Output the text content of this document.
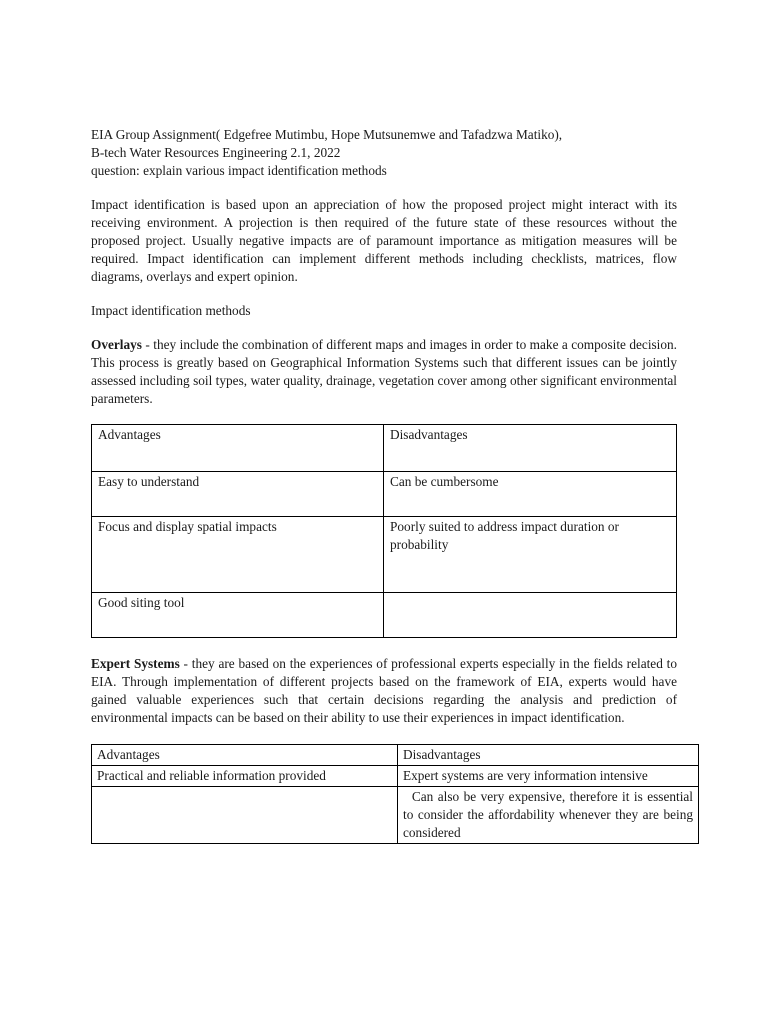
EIA Group Assignment( Edgefree Mutimbu, Hope Mutsunemwe and Tafadzwa Matiko),
B-tech Water Resources Engineering 2.1, 2022
question: explain various impact identification methods

Impact identification is based upon an appreciation of how the proposed project might interact with its receiving environment. A projection is then required of the future state of these resources without the proposed project. Usually negative impacts are of paramount importance as mitigation measures will be required. Impact identification can implement different methods including checklists, matrices, flow diagrams, overlays and expert opinion.

Impact identification methods

Overlays - they include the combination of different maps and images in order to make a composite decision. This process is greatly based on Geographical Information Systems such that different issues can be jointly assessed including soil types, water quality, drainage, vegetation cover among other significant environmental parameters.

Advantages	Disadvantages

Easy to understand	Can be cumbersome

Focus and display spatial impacts	Poorly suited to address impact duration or probability

Good siting tool	

Expert Systems - they are based on the experiences of professional experts especially in the fields related to EIA. Through implementation of different projects based on the framework of EIA, experts would have gained valuable experiences such that certain decisions regarding the analysis and prediction of environmental impacts can be based on their ability to use their experiences in impact identification.

Advantages	Disadvantages
Practical and reliable information provided	Expert systems are very information intensive
	Can also be very expensive, therefore it is essential to consider the affordability whenever they are being considered
